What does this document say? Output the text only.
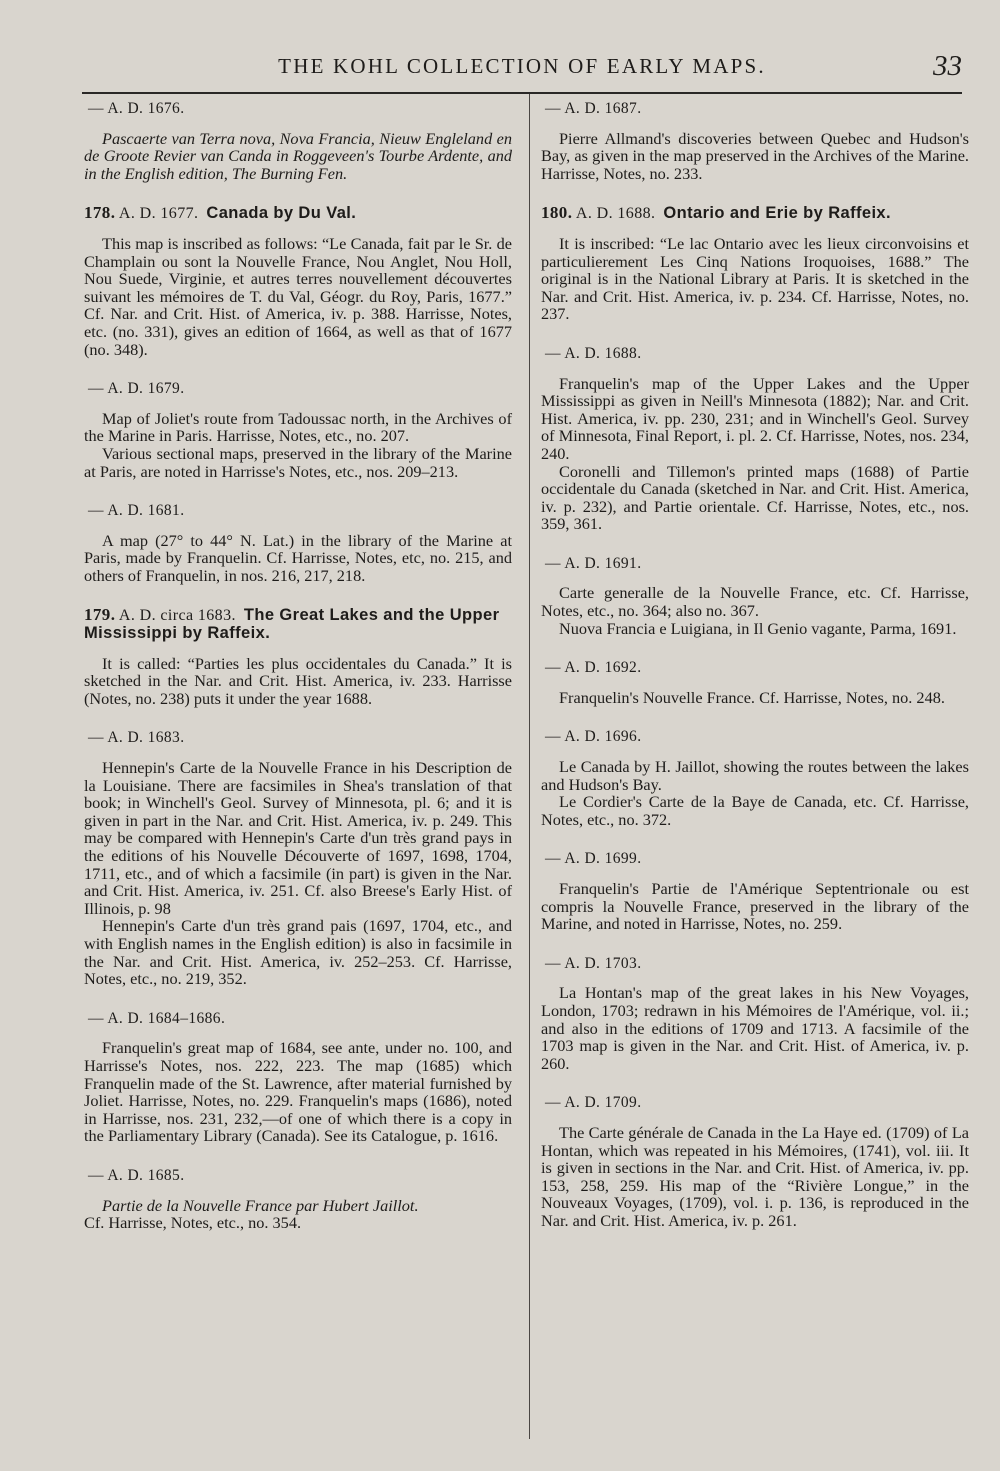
THE KOHL COLLECTION OF EARLY MAPS.	33
— A. D. 1676.

Pascaerte van Terra nova, Nova Francia, Nieuw Engleland en de Groote Revier van Canda in Roggeveen's Tourbe Ardente, and in the English edition, The Burning Fen.

178. A. D. 1677. Canada by Du Val.

This map is inscribed as follows: “Le Canada, fait par le Sr. de Champlain ou sont la Nouvelle France, Nou Anglet, Nou Holl, Nou Suede, Virginie, et autres terres nouvellement découvertes suivant les mémoires de T. du Val, Géogr. du Roy, Paris, 1677.” Cf. Nar. and Crit. Hist. of America, iv. p. 388. Harrisse, Notes, etc. (no. 331), gives an edition of 1664, as well as that of 1677 (no. 348).

— A. D. 1679.

Map of Joliet's route from Tadoussac north, in the Archives of the Marine in Paris. Harrisse, Notes, etc., no. 207.

Various sectional maps, preserved in the library of the Marine at Paris, are noted in Harrisse's Notes, etc., nos. 209–213.

— A. D. 1681.

A map (27° to 44° N. Lat.) in the library of the Marine at Paris, made by Franquelin. Cf. Harrisse, Notes, etc, no. 215, and others of Franquelin, in nos. 216, 217, 218.

179. A. D. circa 1683. The Great Lakes and the Upper Mississippi by Raffeix.

It is called: “Parties les plus occidentales du Canada.” It is sketched in the Nar. and Crit. Hist. America, iv. 233. Harrisse (Notes, no. 238) puts it under the year 1688.

— A. D. 1683.

Hennepin's Carte de la Nouvelle France in his Description de la Louisiane. There are facsimiles in Shea's translation of that book; in Winchell's Geol. Survey of Minnesota, pl. 6; and it is given in part in the Nar. and Crit. Hist. America, iv. p. 249. This may be compared with Hennepin's Carte d'un très grand pays in the editions of his Nouvelle Découverte of 1697, 1698, 1704, 1711, etc., and of which a facsimile (in part) is given in the Nar. and Crit. Hist. America, iv. 251. Cf. also Breese's Early Hist. of Illinois, p. 98

Hennepin's Carte d'un très grand pais (1697, 1704, etc., and with English names in the English edition) is also in facsimile in the Nar. and Crit. Hist. America, iv. 252–253. Cf. Harrisse, Notes, etc., no. 219, 352.

— A. D. 1684–1686.

Franquelin's great map of 1684, see ante, under no. 100, and Harrisse's Notes, nos. 222, 223. The map (1685) which Franquelin made of the St. Lawrence, after material furnished by Joliet. Harrisse, Notes, no. 229. Franquelin's maps (1686), noted in Harrisse, nos. 231, 232,—of one of which there is a copy in the Parliamentary Library (Canada). See its Catalogue, p. 1616.

— A. D. 1685.

Partie de la Nouvelle France par Hubert Jaillot.

Cf. Harrisse, Notes, etc., no. 354.

— A. D. 1687.

Pierre Allmand's discoveries between Quebec and Hudson's Bay, as given in the map preserved in the Archives of the Marine. Harrisse, Notes, no. 233.

180. A. D. 1688. Ontario and Erie by Raffeix.

It is inscribed: “Le lac Ontario avec les lieux circonvoisins et particulierement Les Cinq Nations Iroquoises, 1688.” The original is in the National Library at Paris. It is sketched in the Nar. and Crit. Hist. America, iv. p. 234. Cf. Harrisse, Notes, no. 237.

— A. D. 1688.

Franquelin's map of the Upper Lakes and the Upper Mississippi as given in Neill's Minnesota (1882); Nar. and Crit. Hist. America, iv. pp. 230, 231; and in Winchell's Geol. Survey of Minnesota, Final Report, i. pl. 2. Cf. Harrisse, Notes, nos. 234, 240.

Coronelli and Tillemon's printed maps (1688) of Partie occidentale du Canada (sketched in Nar. and Crit. Hist. America, iv. p. 232), and Partie orientale. Cf. Harrisse, Notes, etc., nos. 359, 361.

— A. D. 1691.

Carte generalle de la Nouvelle France, etc. Cf. Harrisse, Notes, etc., no. 364; also no. 367.

Nuova Francia e Luigiana, in Il Genio vagante, Parma, 1691.

— A. D. 1692.

Franquelin's Nouvelle France. Cf. Harrisse, Notes, no. 248.

— A. D. 1696.

Le Canada by H. Jaillot, showing the routes between the lakes and Hudson's Bay.

Le Cordier's Carte de la Baye de Canada, etc. Cf. Harrisse, Notes, etc., no. 372.

— A. D. 1699.

Franquelin's Partie de l'Amérique Septentrionale ou est compris la Nouvelle France, preserved in the library of the Marine, and noted in Harrisse, Notes, no. 259.

— A. D. 1703.

La Hontan's map of the great lakes in his New Voyages, London, 1703; redrawn in his Mémoires de l'Amérique, vol. ii.; and also in the editions of 1709 and 1713. A facsimile of the 1703 map is given in the Nar. and Crit. Hist. of America, iv. p. 260.

— A. D. 1709.

The Carte générale de Canada in the La Haye ed. (1709) of La Hontan, which was repeated in his Mémoires, (1741), vol. iii. It is given in sections in the Nar. and Crit. Hist. of America, iv. pp. 153, 258, 259. His map of the “Rivière Longue,” in the Nouveaux Voyages, (1709), vol. i. p. 136, is reproduced in the Nar. and Crit. Hist. America, iv. p. 261.
